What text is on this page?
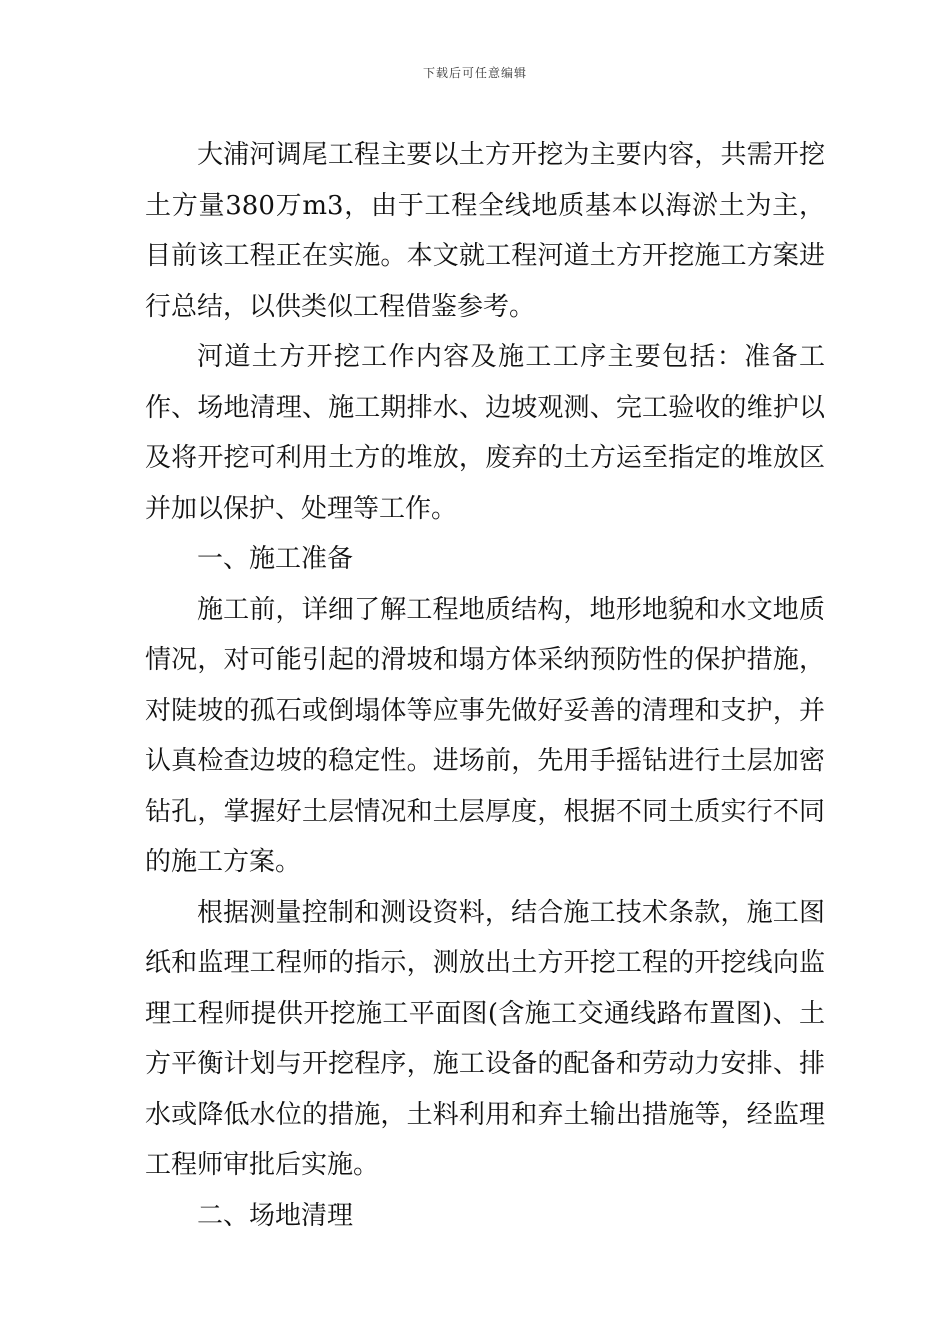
下载后可任意编辑

大浦河调尾工程主要以土方开挖为主要内容，共需开挖土方量380万m3，由于工程全线地质基本以海淤土为主，目前该工程正在实施。本文就工程河道土方开挖施工方案进行总结，以供类似工程借鉴参考。

河道土方开挖工作内容及施工工序主要包括：准备工作、场地清理、施工期排水、边坡观测、完工验收的维护以及将开挖可利用土方的堆放，废弃的土方运至指定的堆放区并加以保护、处理等工作。

一、施工准备

施工前，详细了解工程地质结构，地形地貌和水文地质情况，对可能引起的滑坡和塌方体采纳预防性的保护措施，对陡坡的孤石或倒塌体等应事先做好妥善的清理和支护，并认真检查边坡的稳定性。进场前，先用手摇钻进行土层加密钻孔，掌握好土层情况和土层厚度，根据不同土质实行不同的施工方案。

根据测量控制和测设资料，结合施工技术条款，施工图纸和监理工程师的指示，测放出土方开挖工程的开挖线向监理工程师提供开挖施工平面图(含施工交通线路布置图)、土方平衡计划与开挖程序，施工设备的配备和劳动力安排、排水或降低水位的措施，土料利用和弃土输出措施等，经监理工程师审批后实施。

二、场地清理
